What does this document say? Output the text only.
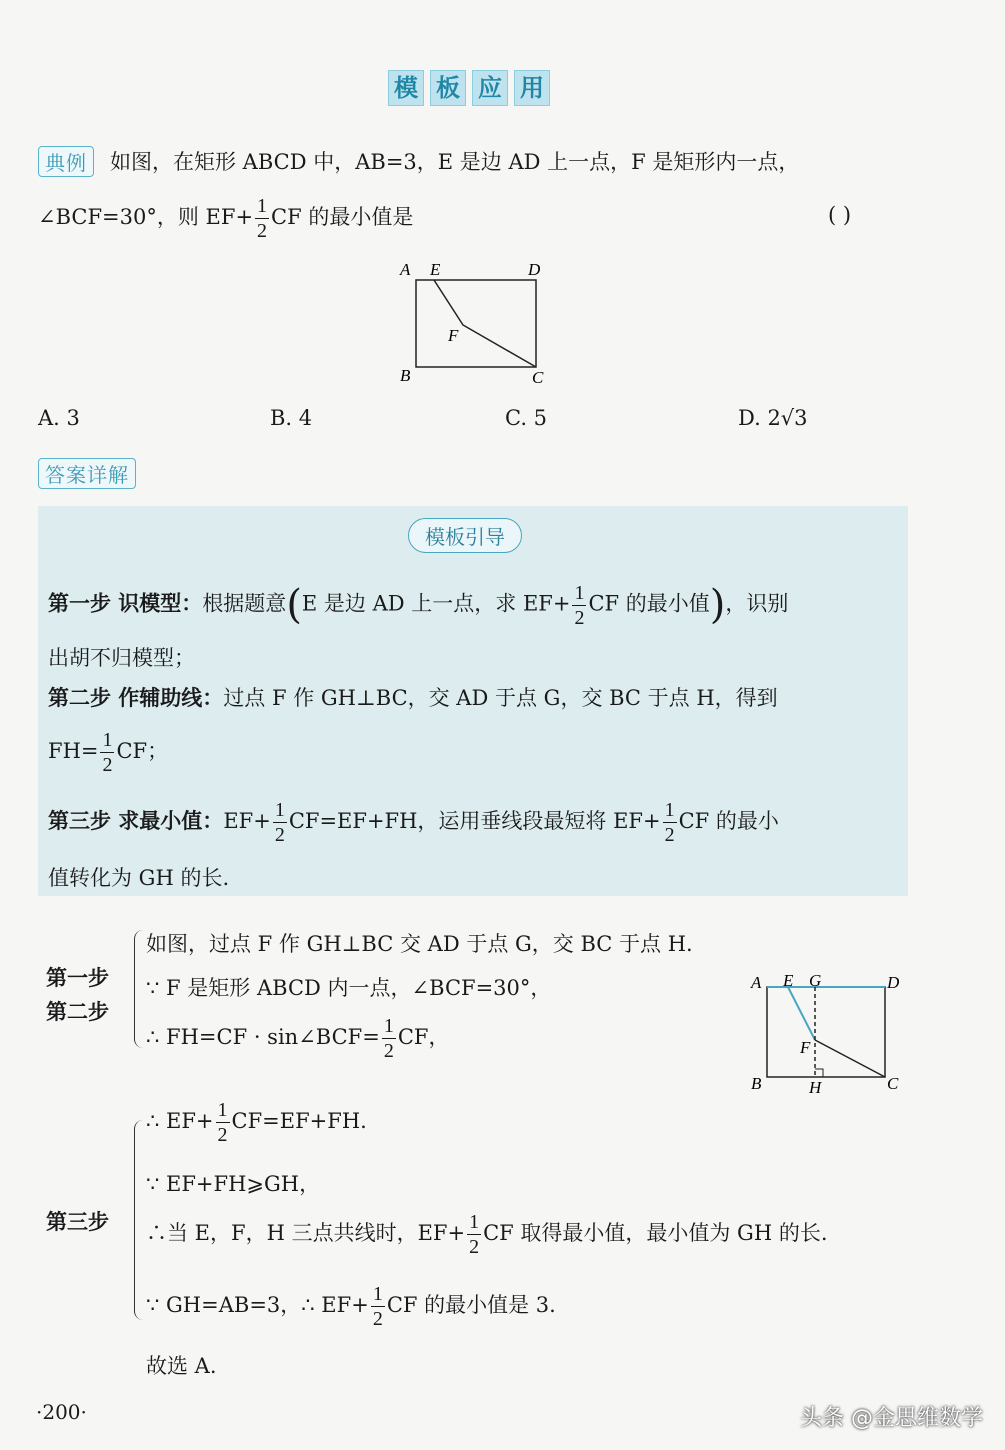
模 板 应 用
典例	如图，在矩形 ABCD 中，AB=3，E 是边 AD 上一点，F 是矩形内一点，
∠BCF=30°，则 $EF+ \frac{1}{2}$ CF 的最小值是	( )
A E	D
F
B	C
A. 3	B. 4	C. 5	D. 2√3
答案详解
模板引导
第一步 识模型：根据题意(E 是边 AD 上一点，求 $EF+ \frac{1}{2}$ CF 的最小值)，识别
出胡不归模型；
第二步 作辅助线：过点 F 作 GH⊥BC，交 AD 于点 G，交 BC 于点 H，得到
$FH= \frac{1}{2}$ CF；
第三步 求最小值：$EF+ \frac{1}{2} CF=EF+FH$，运用垂线段最短将 $EF+ \frac{1}{2}$ CF 的最小
值转化为 GH 的长.
第一步
第二步
如图，过点 F 作 GH⊥BC 交 AD 于点 G，交 BC 于点 H.
∵ F 是矩形 ABCD 内一点，∠BCF=30°，
∴ FH=CF · sin∠BCF= $\frac{1}{2}$ CF，
A E G	D
F
B	H	C
第三步
∴ $EF+ \frac{1}{2} CF=EF+FH$.
∵ EF+FH⩾GH，
∴当 E，F，H 三点共线时，$EF+ \frac{1}{2}$ CF 取得最小值，最小值为 GH 的长.
∵ GH=AB=3，∴ $EF+ \frac{1}{2}$ CF 的最小值是 3.
故选 A.
·200·	头条 @金思维数学
